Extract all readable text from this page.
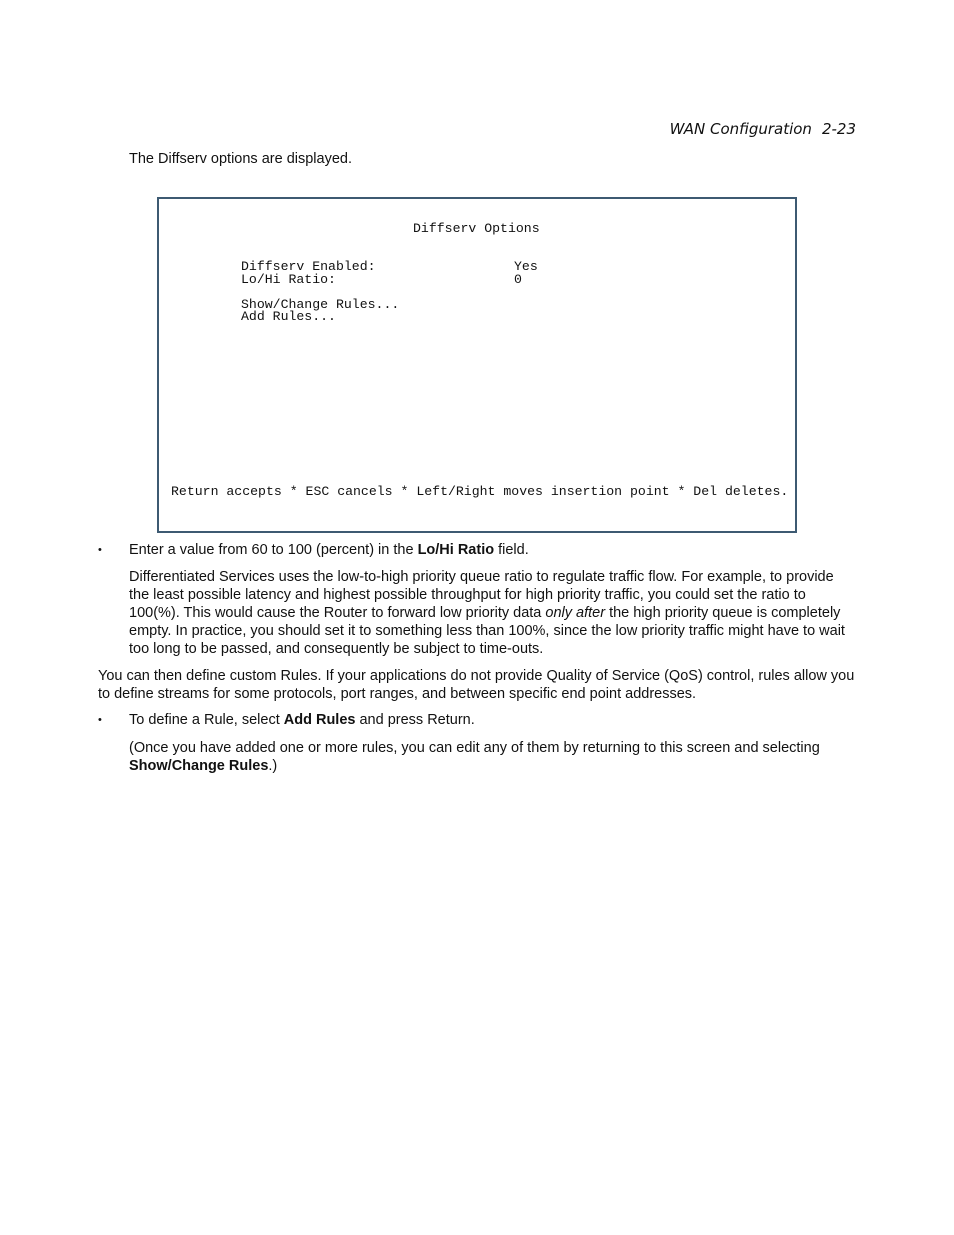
WAN Configuration 2-23

The Diffserv options are displayed.

Diffserv Options
Diffserv Enabled:	Yes
Lo/Hi Ratio:	0
Show/Change Rules...
Add Rules...
Return accepts * ESC cancels * Left/Right moves insertion point * Del deletes.
• Enter a value from 60 to 100 (percent) in the Lo/Hi Ratio field.

Differentiated Services uses the low-to-high priority queue ratio to regulate traffic flow. For example, to provide the least possible latency and highest possible throughput for high priority traffic, you could set the ratio to 100(%). This would cause the Router to forward low priority data only after the high priority queue is completely empty. In practice, you should set it to something less than 100%, since the low priority traffic might have to wait too long to be passed, and consequently be subject to time-outs.

You can then define custom Rules. If your applications do not provide Quality of Service (QoS) control, rules allow you to define streams for some protocols, port ranges, and between specific end point addresses.

• To define a Rule, select Add Rules and press Return.

(Once you have added one or more rules, you can edit any of them by returning to this screen and selecting Show/Change Rules.)
